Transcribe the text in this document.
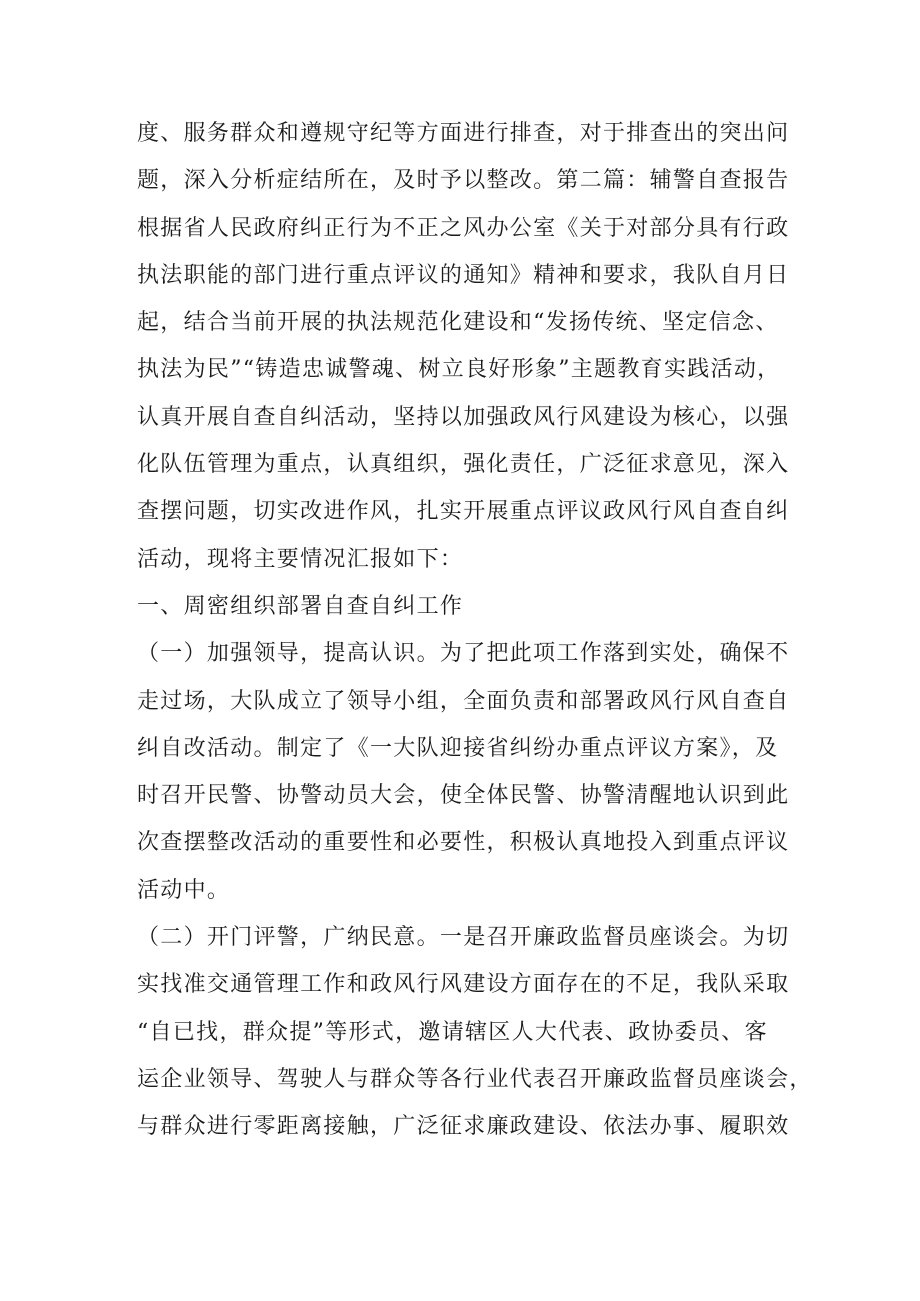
度、服务群众和遵规守纪等方面进行排查，对于排查出的突出问
题，深入分析症结所在，及时予以整改。第二篇：辅警自查报告
根据省人民政府纠正行为不正之风办公室《关于对部分具有行政
执法职能的部门进行重点评议的通知》精神和要求，我队自月日
起，结合当前开展的执法规范化建设和“发扬传统、坚定信念、
执法为民”“铸造忠诚警魂、树立良好形象”主题教育实践活动，
认真开展自查自纠活动，坚持以加强政风行风建设为核心，以强
化队伍管理为重点，认真组织，强化责任，广泛征求意见，深入
查摆问题，切实改进作风，扎实开展重点评议政风行风自查自纠
活动，现将主要情况汇报如下：
一、周密组织部署自查自纠工作
（一）加强领导，提高认识。为了把此项工作落到实处，确保不
走过场，大队成立了领导小组，全面负责和部署政风行风自查自
纠自改活动。制定了《一大队迎接省纠纷办重点评议方案》，及
时召开民警、协警动员大会，使全体民警、协警清醒地认识到此
次查摆整改活动的重要性和必要性，积极认真地投入到重点评议
活动中。
（二）开门评警，广纳民意。一是召开廉政监督员座谈会。为切
实找准交通管理工作和政风行风建设方面存在的不足，我队采取
“自已找，群众提”等形式，邀请辖区人大代表、政协委员、客
运企业领导、驾驶人与群众等各行业代表召开廉政监督员座谈会，
与群众进行零距离接触，广泛征求廉政建设、依法办事、履职效
